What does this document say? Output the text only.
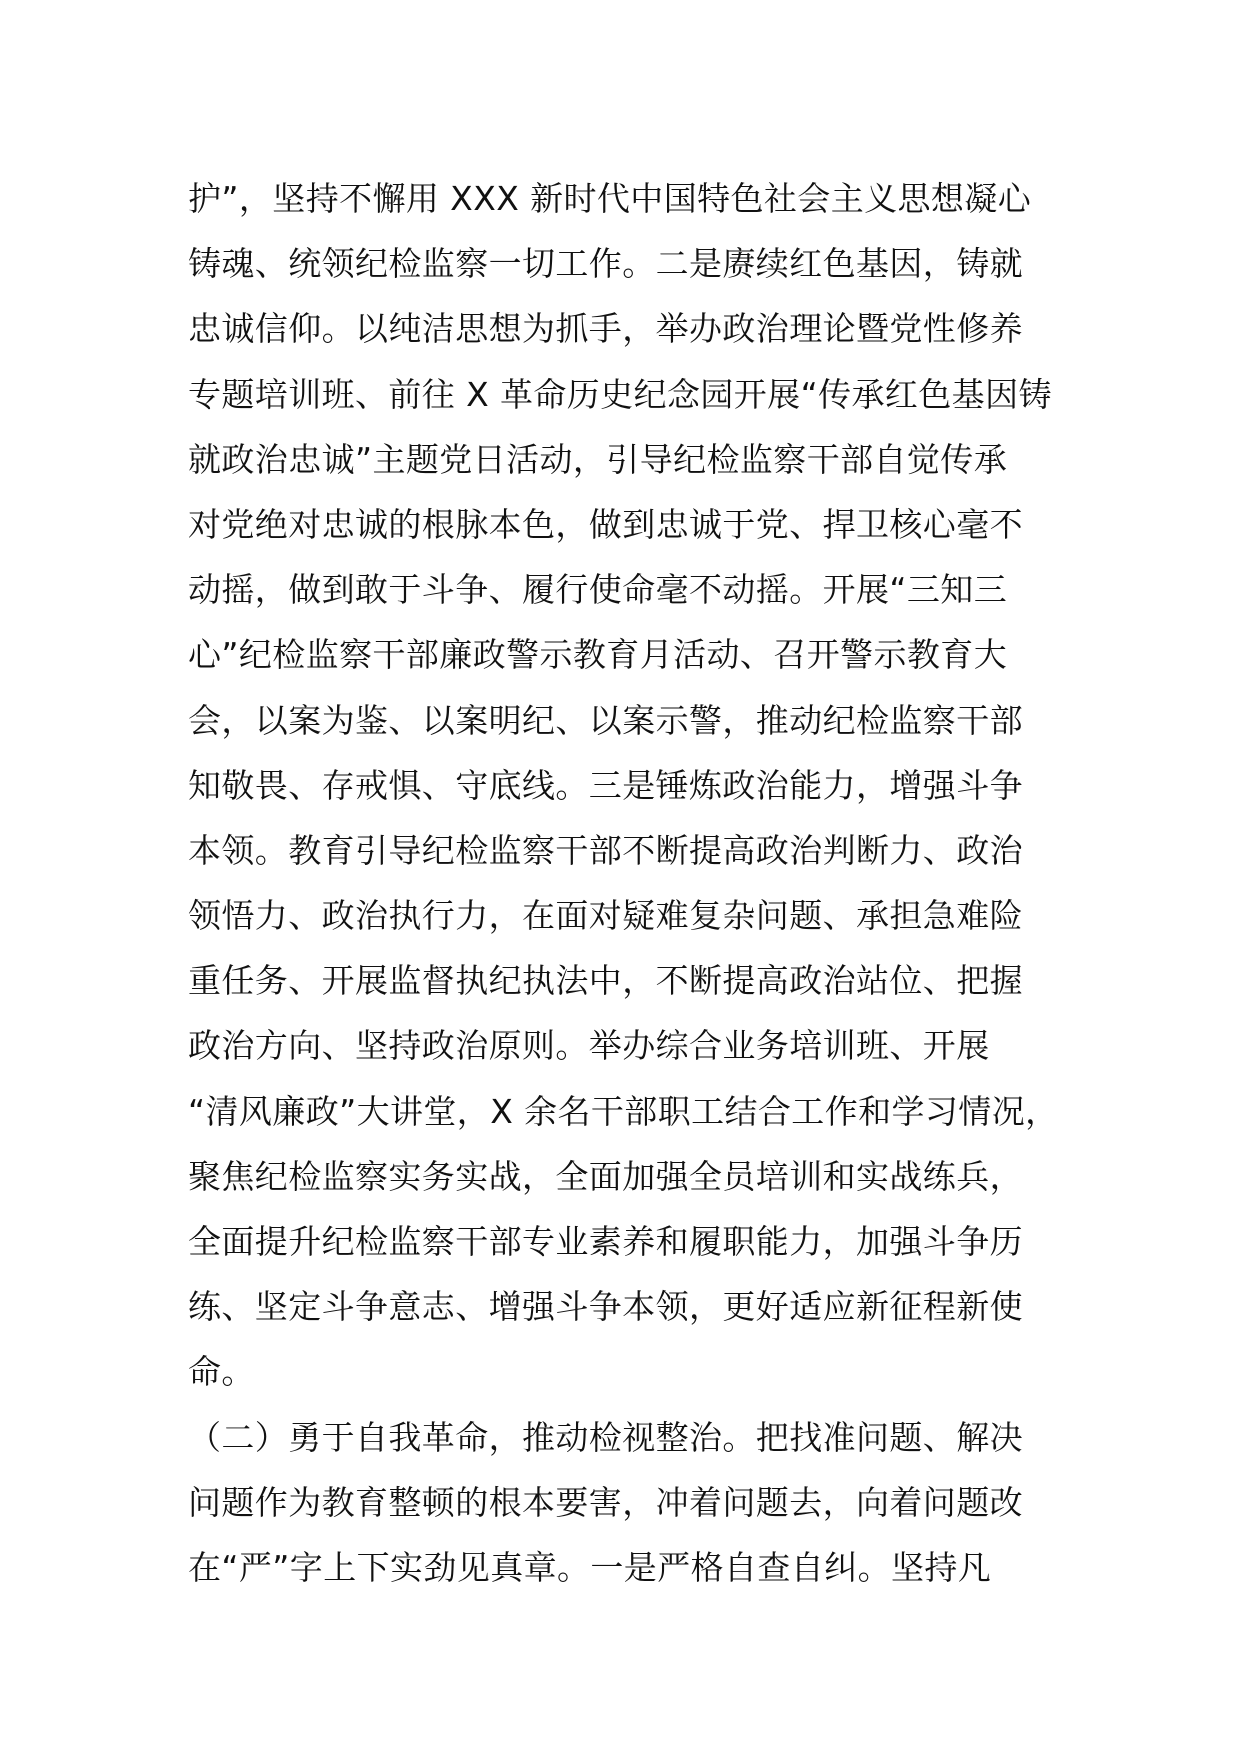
护”，坚持不懈用 XXX 新时代中国特色社会主义思想凝心
铸魂、统领纪检监察一切工作。二是赓续红色基因，铸就
忠诚信仰。以纯洁思想为抓手，举办政治理论暨党性修养
专题培训班、前往 X 革命历史纪念园开展“传承红色基因铸
就政治忠诚”主题党日活动，引导纪检监察干部自觉传承
对党绝对忠诚的根脉本色，做到忠诚于党、捍卫核心毫不
动摇，做到敢于斗争、履行使命毫不动摇。开展“三知三
心”纪检监察干部廉政警示教育月活动、召开警示教育大
会，以案为鉴、以案明纪、以案示警，推动纪检监察干部
知敬畏、存戒惧、守底线。三是锤炼政治能力，增强斗争
本领。教育引导纪检监察干部不断提高政治判断力、政治
领悟力、政治执行力，在面对疑难复杂问题、承担急难险
重任务、开展监督执纪执法中，不断提高政治站位、把握
政治方向、坚持政治原则。举办综合业务培训班、开展
“清风廉政”大讲堂，X 余名干部职工结合工作和学习情况，
聚焦纪检监察实务实战，全面加强全员培训和实战练兵，
全面提升纪检监察干部专业素养和履职能力，加强斗争历
练、坚定斗争意志、增强斗争本领，更好适应新征程新使
命。
（二）勇于自我革命，推动检视整治。把找准问题、解决
问题作为教育整顿的根本要害，冲着问题去，向着问题改
在“严”字上下实劲见真章。一是严格自查自纠。坚持凡
